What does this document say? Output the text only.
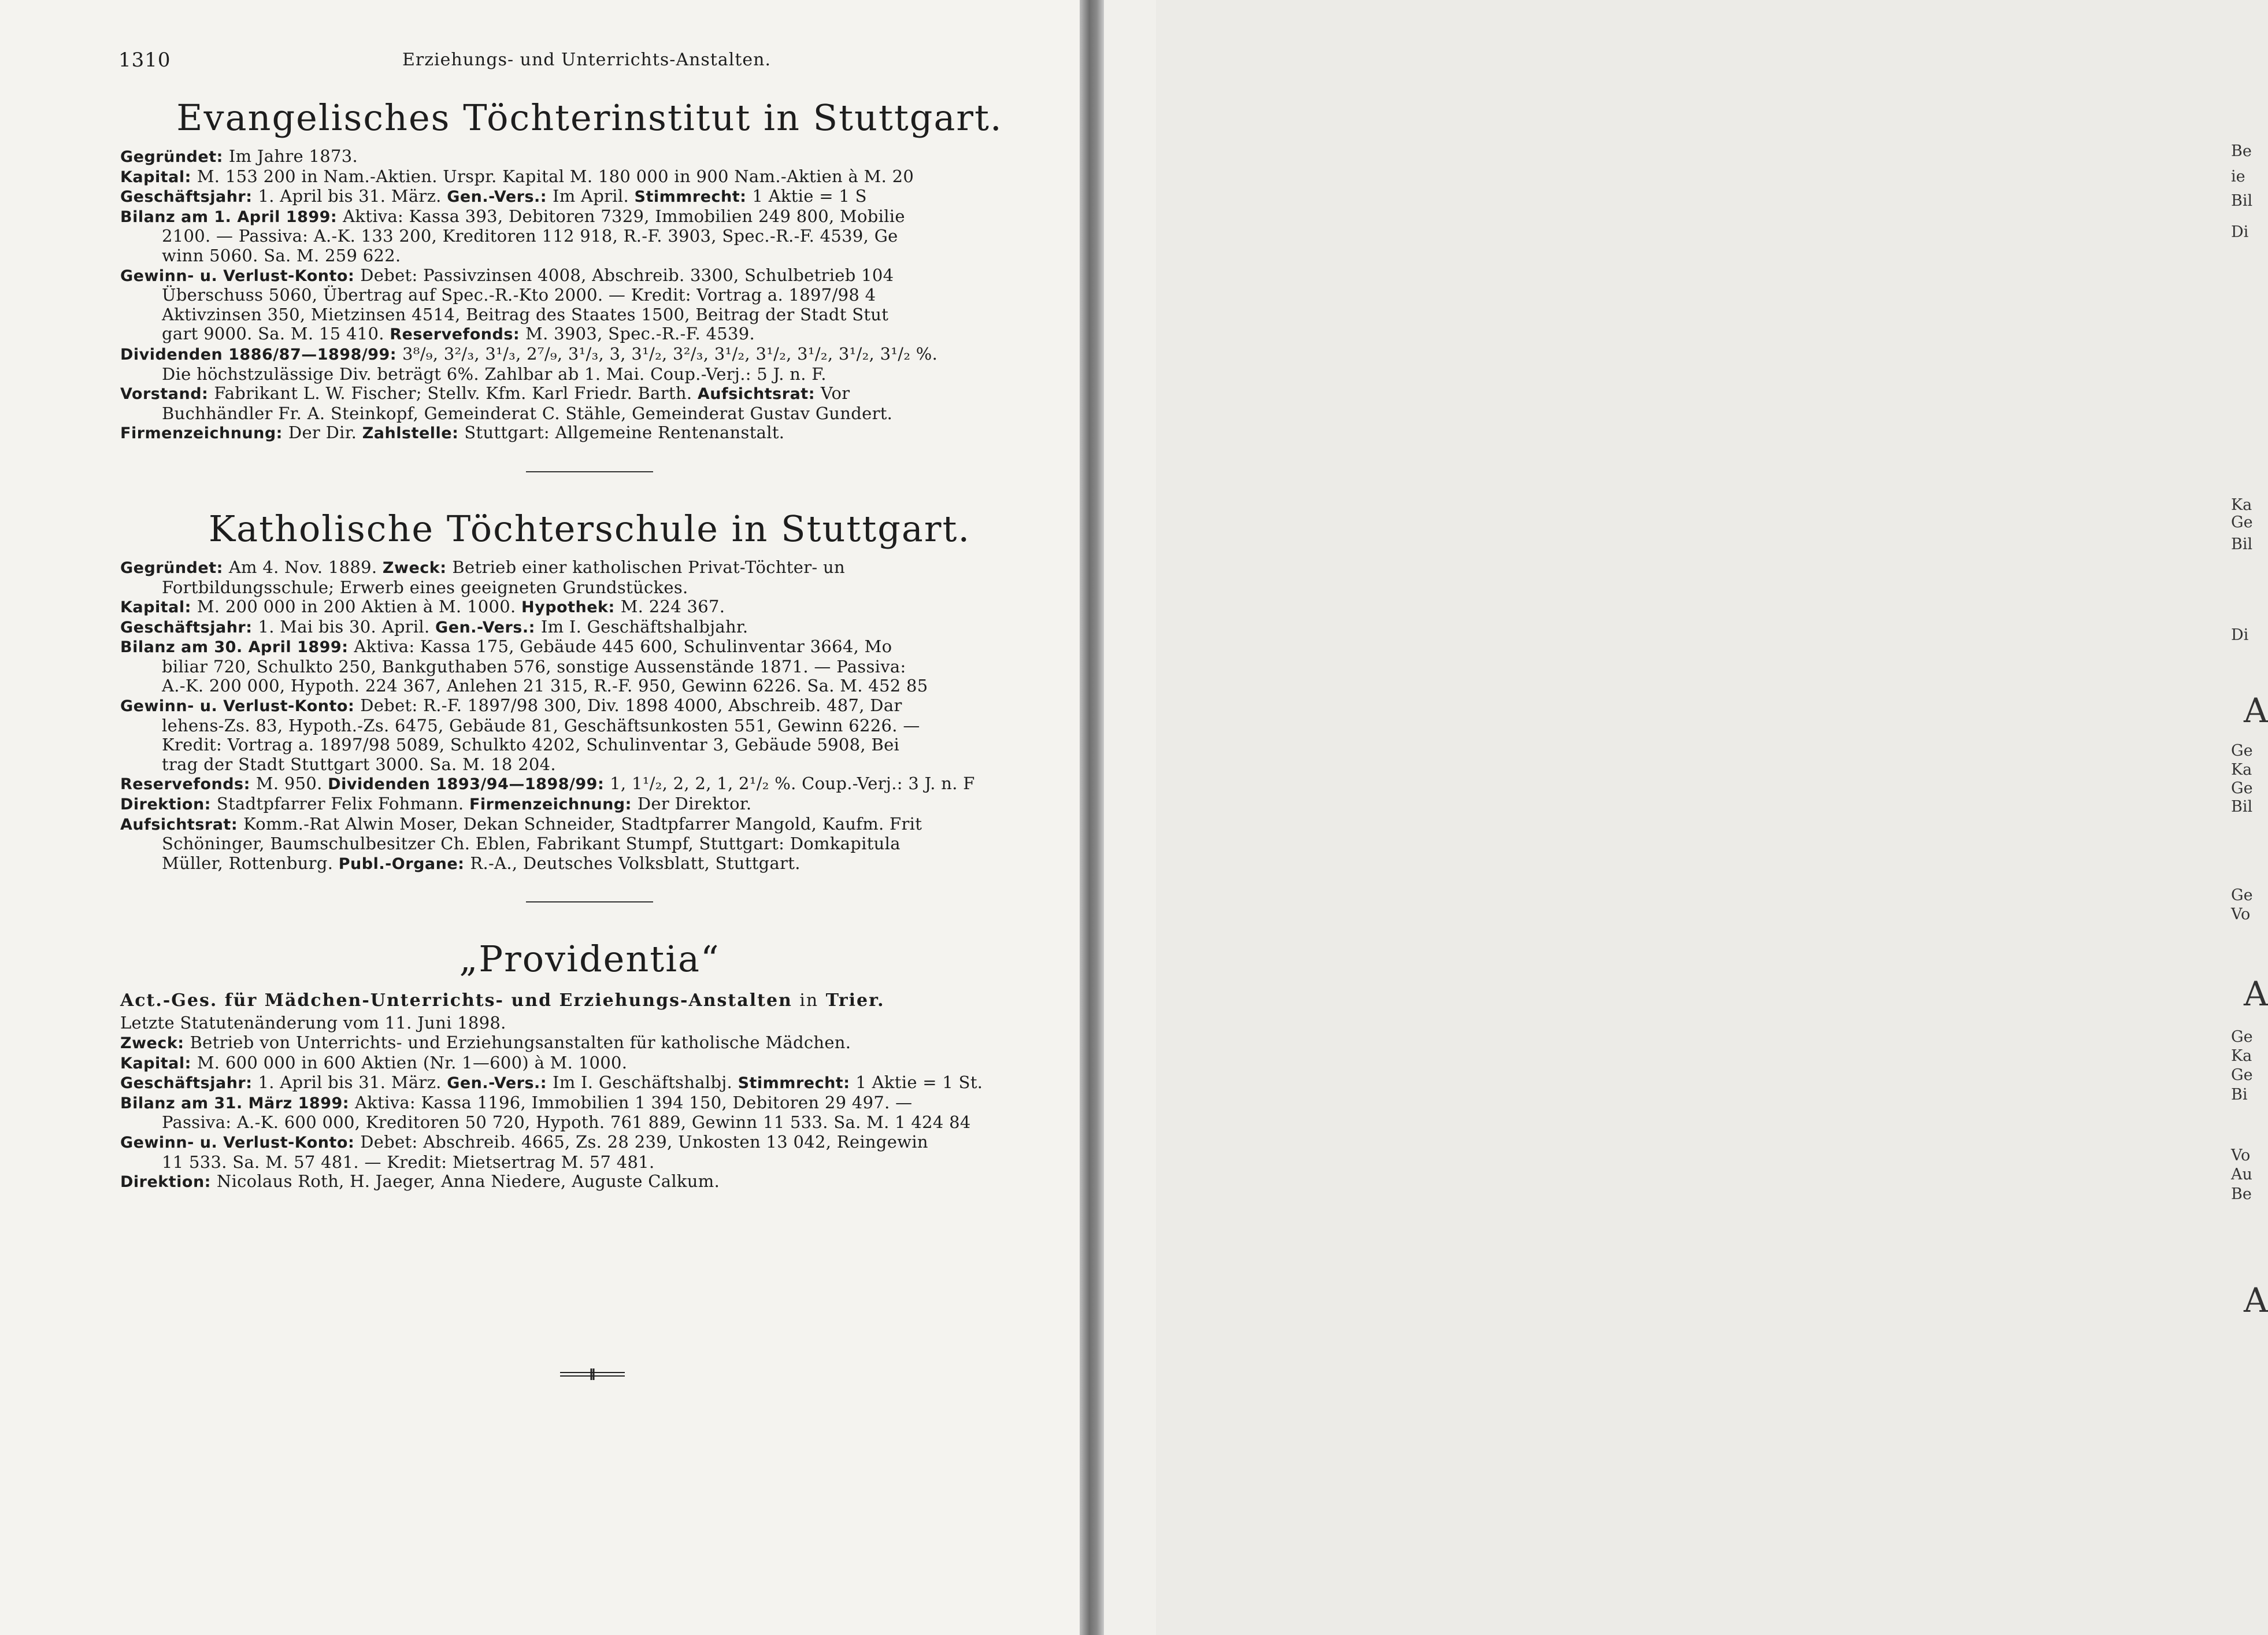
1310	Erziehungs- und Unterrichts-Anstalten.
Evangelisches Töchterinstitut in Stuttgart.
Gegründet: Im Jahre 1873.
Kapital: M. 153 200 in Nam.-Aktien. Urspr. Kapital M. 180 000 in 900 Nam.-Aktien à M. 20
Geschäftsjahr: 1. April bis 31. März. Gen.-Vers.: Im April. Stimmrecht: 1 Aktie = 1 S
Bilanz am 1. April 1899: Aktiva: Kassa 393, Debitoren 7329, Immobilien 249 800, Mobilie
2100. — Passiva: A.-K. 133 200, Kreditoren 112 918, R.-F. 3903, Spec.-R.-F. 4539, Ge
winn 5060. Sa. M. 259 622.
Gewinn- u. Verlust-Konto: Debet: Passivzinsen 4008, Abschreib. 3300, Schulbetrieb 104
Überschuss 5060, Übertrag auf Spec.-R.-Kto 2000. — Kredit: Vortrag a. 1897/98 4
Aktivzinsen 350, Mietzinsen 4514, Beitrag des Staates 1500, Beitrag der Stadt Stut
gart 9000. Sa. M. 15 410. Reservefonds: M. 3903, Spec.-R.-F. 4539.
Dividenden 1886/87—1898/99: 3⁸/₉, 3²/₃, 3¹/₃, 2⁷/₉, 3¹/₃, 3, 3¹/₂, 3²/₃, 3¹/₂, 3¹/₂, 3¹/₂, 3¹/₂, 3¹/₂ %.
Die höchstzulässige Div. beträgt 6%. Zahlbar ab 1. Mai. Coup.-Verj.: 5 J. n. F.
Vorstand: Fabrikant L. W. Fischer; Stellv. Kfm. Karl Friedr. Barth. Aufsichtsrat: Vor
Buchhändler Fr. A. Steinkopf, Gemeinderat C. Stähle, Gemeinderat Gustav Gundert.
Firmenzeichnung: Der Dir. Zahlstelle: Stuttgart: Allgemeine Rentenanstalt.
Katholische Töchterschule in Stuttgart.
Gegründet: Am 4. Nov. 1889. Zweck: Betrieb einer katholischen Privat-Töchter- un
Fortbildungsschule; Erwerb eines geeigneten Grundstückes.
Kapital: M. 200 000 in 200 Aktien à M. 1000. Hypothek: M. 224 367.
Geschäftsjahr: 1. Mai bis 30. April. Gen.-Vers.: Im I. Geschäftshalbjahr.
Bilanz am 30. April 1899: Aktiva: Kassa 175, Gebäude 445 600, Schulinventar 3664, Mo
biliar 720, Schulkto 250, Bankguthaben 576, sonstige Aussenstände 1871. — Passiva:
A.-K. 200 000, Hypoth. 224 367, Anlehen 21 315, R.-F. 950, Gewinn 6226. Sa. M. 452 85
Gewinn- u. Verlust-Konto: Debet: R.-F. 1897/98 300, Div. 1898 4000, Abschreib. 487, Dar
lehens-Zs. 83, Hypoth.-Zs. 6475, Gebäude 81, Geschäftsunkosten 551, Gewinn 6226. —
Kredit: Vortrag a. 1897/98 5089, Schulkto 4202, Schulinventar 3, Gebäude 5908, Bei
trag der Stadt Stuttgart 3000. Sa. M. 18 204.
Reservefonds: M. 950. Dividenden 1893/94—1898/99: 1, 1¹/₂, 2, 2, 1, 2¹/₂ %. Coup.-Verj.: 3 J. n. F
Direktion: Stadtpfarrer Felix Fohmann. Firmenzeichnung: Der Direktor.
Aufsichtsrat: Komm.-Rat Alwin Moser, Dekan Schneider, Stadtpfarrer Mangold, Kaufm. Frit
Schöninger, Baumschulbesitzer Ch. Eblen, Fabrikant Stumpf, Stuttgart: Domkapitula
Müller, Rottenburg. Publ.-Organe: R.-A., Deutsches Volksblatt, Stuttgart.
„Providentia“
Act.-Ges. für Mädchen-Unterrichts- und Erziehungs-Anstalten in Trier.
Letzte Statutenänderung vom 11. Juni 1898.
Zweck: Betrieb von Unterrichts- und Erziehungsanstalten für katholische Mädchen.
Kapital: M. 600 000 in 600 Aktien (Nr. 1—600) à M. 1000.
Geschäftsjahr: 1. April bis 31. März. Gen.-Vers.: Im I. Geschäftshalbj. Stimmrecht: 1 Aktie = 1 St.
Bilanz am 31. März 1899: Aktiva: Kassa 1196, Immobilien 1 394 150, Debitoren 29 497. —
Passiva: A.-K. 600 000, Kreditoren 50 720, Hypoth. 761 889, Gewinn 11 533. Sa. M. 1 424 84
Gewinn- u. Verlust-Konto: Debet: Abschreib. 4665, Zs. 28 239, Unkosten 13 042, Reingewin
11 533. Sa. M. 57 481. — Kredit: Mietsertrag M. 57 481.
Direktion: Nicolaus Roth, H. Jaeger, Anna Niedere, Auguste Calkum.
Be
ie
Bil
Di
Ka
Ge
Bil
Di
A
Ge
Ka
Ge
Bil
Ge
Vo
A
Ge
Ka
Ge
Bi
Vo
Au
Be
A
